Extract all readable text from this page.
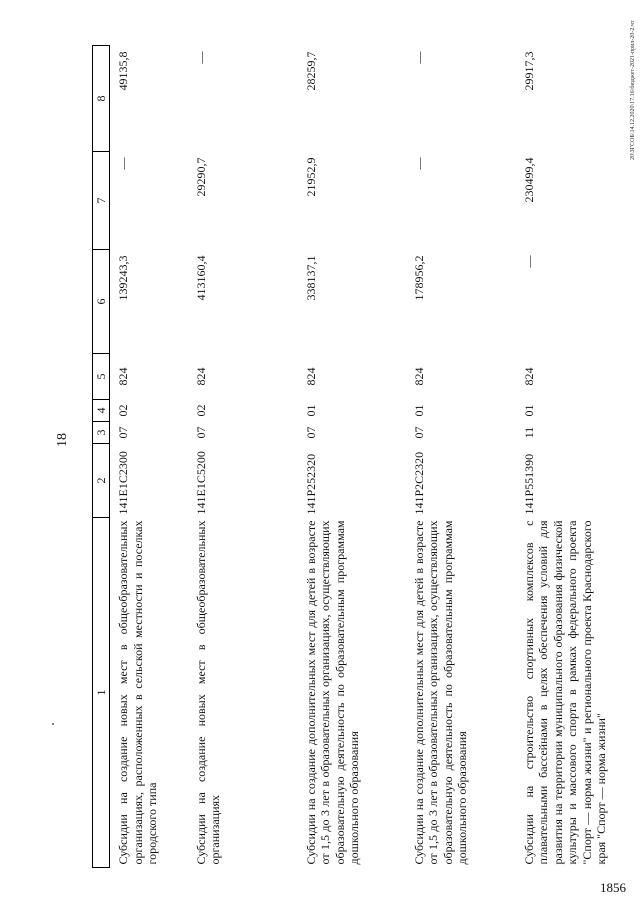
18
20\ЗГСОБ\14.12.2020\17.16\бюджет-2021-прил-20-2.чт
1856
1	2	3	4	5	6	7	8
Субсидии на создание новых мест в общеобразовательных организациях, расположенных в сельской местности и поселках городского типа	141Е1С2300	07	02	824	139243,3	—	49135,8
Субсидии на создание новых мест в общеобразовательных организациях	141Е1С5200	07	02	824	413160,4	29290,7	—
Субсидии на создание дополнительных мест для детей в возрасте от 1,5 до 3 лет в образовательных организациях, осуществляющих образовательную деятельность по образовательным программам дошкольного образования	141Р252320	07	01	824	338137,1	21952,9	28259,7
Субсидии на создание дополнительных мест для детей в возрасте от 1,5 до 3 лет в образовательных организациях, осуществляющих образовательную деятельность по образовательным программам дошкольного образования	141Р2С2320	07	01	824	178956,2	—	—
Субсидии на строительство спортивных комплексов с плавательными бассейнами в целях обеспечения условий для развития на территории муниципального образования физической культуры и массового спорта в рамках федерального проекта "Спорт — норма жизни" и регионального проекта Краснодарского края "Спорт — норма жизни"	141Р551390	11	01	824	—	230499,4	29917,3
